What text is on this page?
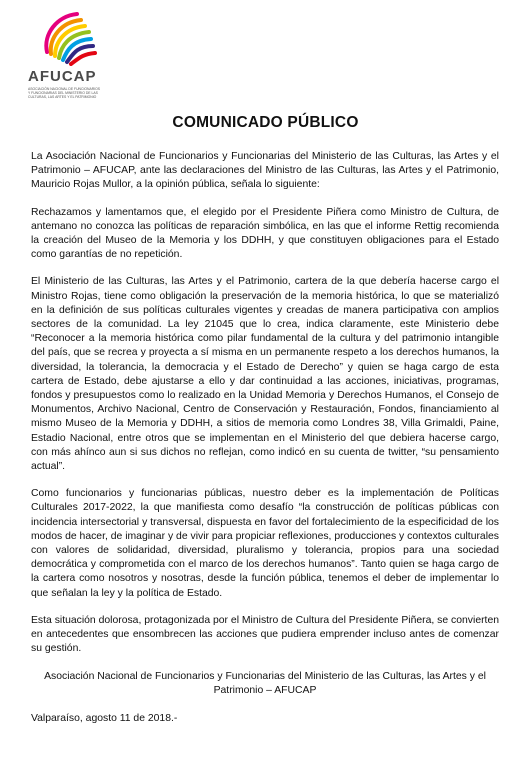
AFUCAP
ASOCIACIÓN NACIONAL DE FUNCIONARIOS Y FUNCIONARIAS DEL MINISTERIO DE LAS CULTURAS, LAS ARTES Y EL PATRIMONIO
COMUNICADO PÚBLICO

La Asociación Nacional de Funcionarios y Funcionarias del Ministerio de las Culturas, las Artes y el Patrimonio – AFUCAP, ante las declaraciones del Ministro de las Culturas, las Artes y el Patrimonio, Mauricio Rojas Mullor, a la opinión pública, señala lo siguiente:

Rechazamos y lamentamos que, el elegido por el Presidente Piñera como Ministro de Cultura, de antemano no conozca las políticas de reparación simbólica, en las que el informe Rettig recomienda la creación del Museo de la Memoria y los DDHH, y que constituyen obligaciones para el Estado como garantías de no repetición.

El Ministerio de las Culturas, las Artes y el Patrimonio, cartera de la que debería hacerse cargo el Ministro Rojas, tiene como obligación la preservación de la memoria histórica, lo que se materializó en la definición de sus políticas culturales vigentes y creadas de manera participativa con amplios sectores de la comunidad. La ley 21045 que lo crea, indica claramente, este Ministerio debe “Reconocer a la memoria histórica como pilar fundamental de la cultura y del patrimonio intangible del país, que se recrea y proyecta a sí misma en un permanente respeto a los derechos humanos, la diversidad, la tolerancia, la democracia y el Estado de Derecho” y quien se haga cargo de esta cartera de Estado, debe ajustarse a ello y dar continuidad a las acciones, iniciativas, programas, fondos y presupuestos como lo realizado en la Unidad Memoria y Derechos Humanos, el Consejo de Monumentos, Archivo Nacional, Centro de Conservación y Restauración, Fondos, financiamiento al mismo Museo de la Memoria y DDHH, a sitios de memoria como Londres 38, Villa Grimaldi, Paine, Estadio Nacional, entre otros que se implementan en el Ministerio del que debiera hacerse cargo, con más ahínco aun si sus dichos no reflejan, como indicó en su cuenta de twitter, “su pensamiento actual”.

Como funcionarios y funcionarias públicas, nuestro deber es la implementación de Políticas Culturales 2017-2022, la que manifiesta como desafío “la construcción de políticas públicas con incidencia intersectorial y transversal, dispuesta en favor del fortalecimiento de la especificidad de los modos de hacer, de imaginar y de vivir para propiciar reflexiones, producciones y contextos culturales con valores de solidaridad, diversidad, pluralismo y tolerancia, propios para una sociedad democrática y comprometida con el marco de los derechos humanos”. Tanto quien se haga cargo de la cartera como nosotros y nosotras, desde la función pública, tenemos el deber de implementar lo que señalan la ley y la política de Estado.

Esta situación dolorosa, protagonizada por el Ministro de Cultura del Presidente Piñera, se convierten en antecedentes que ensombrecen las acciones que pudiera emprender incluso antes de comenzar su gestión.

Asociación Nacional de Funcionarios y Funcionarias del Ministerio de las Culturas, las Artes y el Patrimonio – AFUCAP

Valparaíso, agosto 11 de 2018.-
